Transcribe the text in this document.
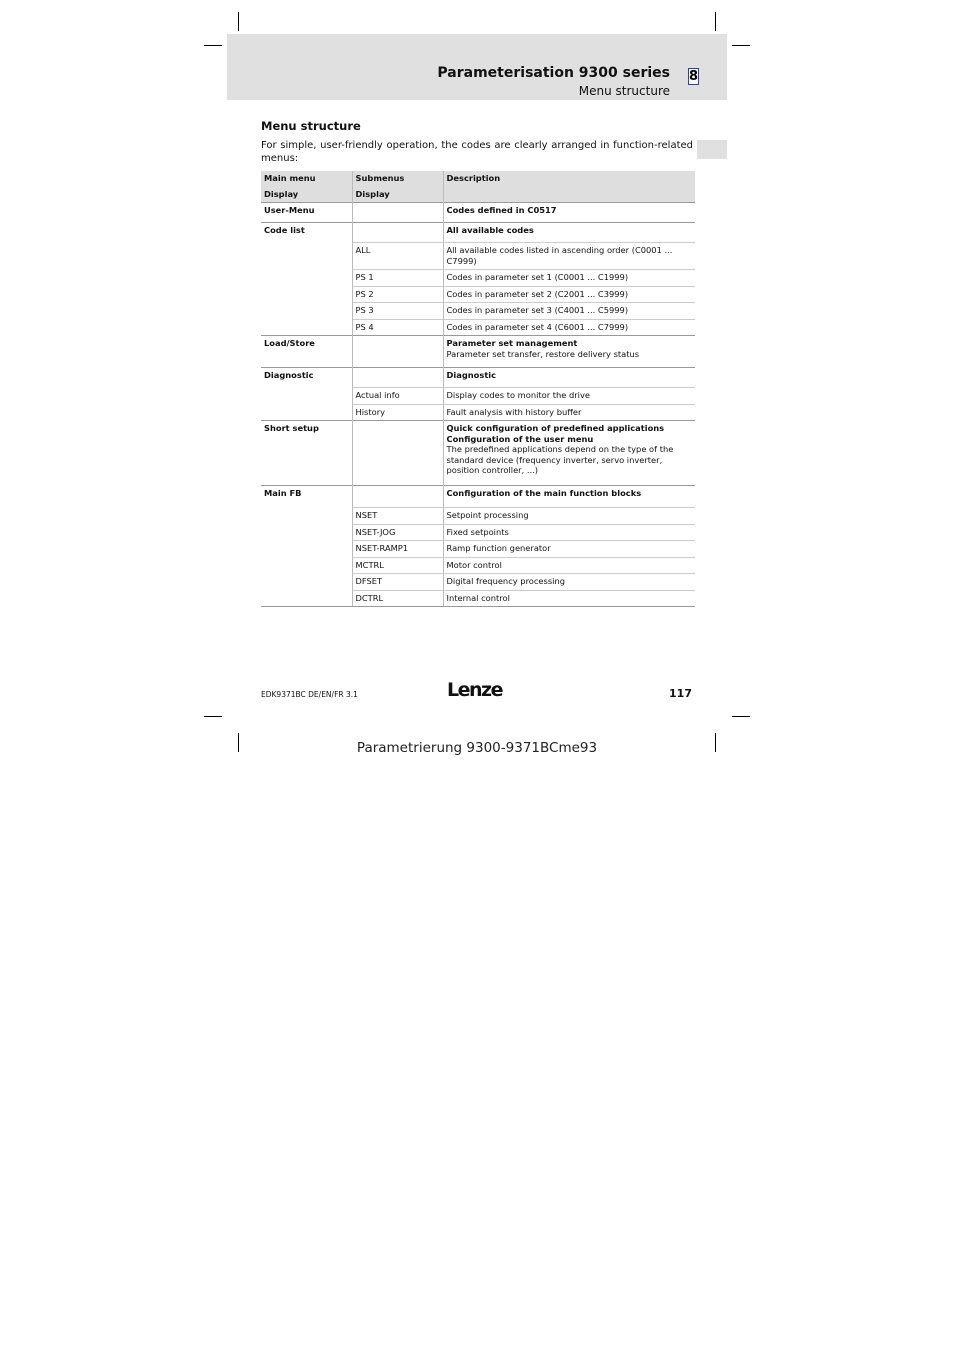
Parameterisation 9300 series
Menu structure
8
Menu structure

For simple, user-friendly operation, the codes are clearly arranged in function-related menus:

Main menu	Submenus	Description
Display	Display	
User-Menu		Codes defined in C0517
Code list		All available codes
	ALL	All available codes listed in ascending order (C0001 ... C7999)
	PS 1	Codes in parameter set 1 (C0001 ... C1999)
	PS 2	Codes in parameter set 2 (C2001 ... C3999)
	PS 3	Codes in parameter set 3 (C4001 ... C5999)
	PS 4	Codes in parameter set 4 (C6001 ... C7999)
Load/Store		Parameter set management
Parameter set transfer, restore delivery status

Diagnostic		Diagnostic
	Actual info	Display codes to monitor the drive
	History	Fault analysis with history buffer
Short setup		Quick configuration of predefined applications
Configuration of the user menu
The predefined applications depend on the type of the standard device (frequency inverter, servo inverter, position controller, ...)

Main FB		Configuration of the main function blocks
	NSET	Setpoint processing
	NSET-JOG	Fixed setpoints
	NSET-RAMP1	Ramp function generator
	MCTRL	Motor control
	DFSET	Digital frequency processing
	DCTRL	Internal control
EDK9371BC DE/EN/FR 3.1	Lenze	117
Parametrierung 9300-9371BCme93
